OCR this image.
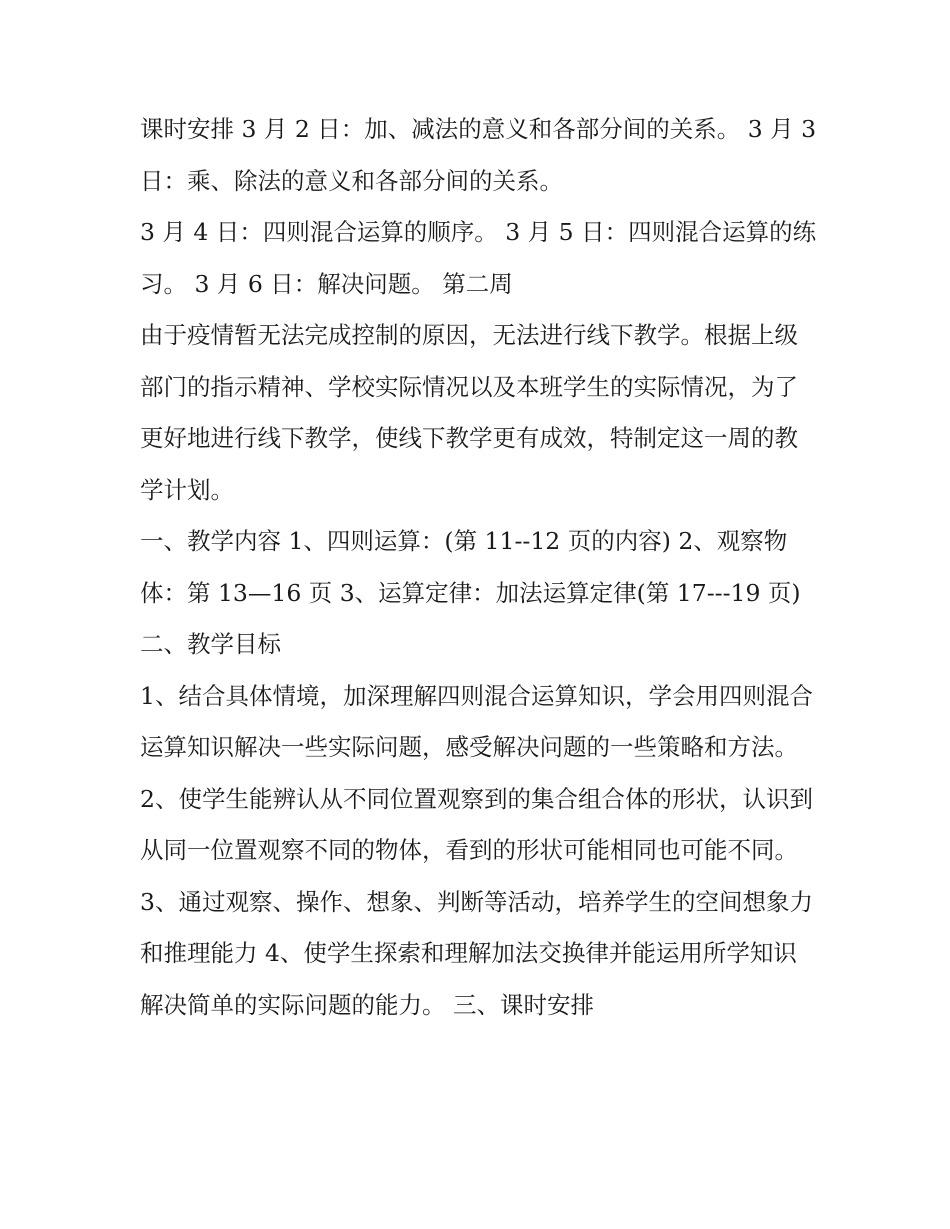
课时安排 3 月 2 日：加、减法的意义和各部分间的关系。 3 月 3 日：乘、除法的意义和各部分间的关系。

3 月 4 日：四则混合运算的顺序。 3 月 5 日：四则混合运算的练习。 3 月 6 日：解决问题。 第二周

由于疫情暂无法完成控制的原因，无法进行线下教学。根据上级部门的指示精神、学校实际情况以及本班学生的实际情况，为了更好地进行线下教学，使线下教学更有成效，特制定这一周的教学计划。

一、教学内容 1、四则运算：(第 11--12 页的内容) 2、观察物体：第 13—16 页 3、运算定律：加法运算定律(第 17---19 页)

二、教学目标

1、结合具体情境，加深理解四则混合运算知识，学会用四则混合运算知识解决一些实际问题，感受解决问题的一些策略和方法。

2、使学生能辨认从不同位置观察到的集合组合体的形状，认识到从同一位置观察不同的物体，看到的形状可能相同也可能不同。

3、通过观察、操作、想象、判断等活动，培养学生的空间想象力和推理能力 4、使学生探索和理解加法交换律并能运用所学知识解决简单的实际问题的能力。 三、课时安排
